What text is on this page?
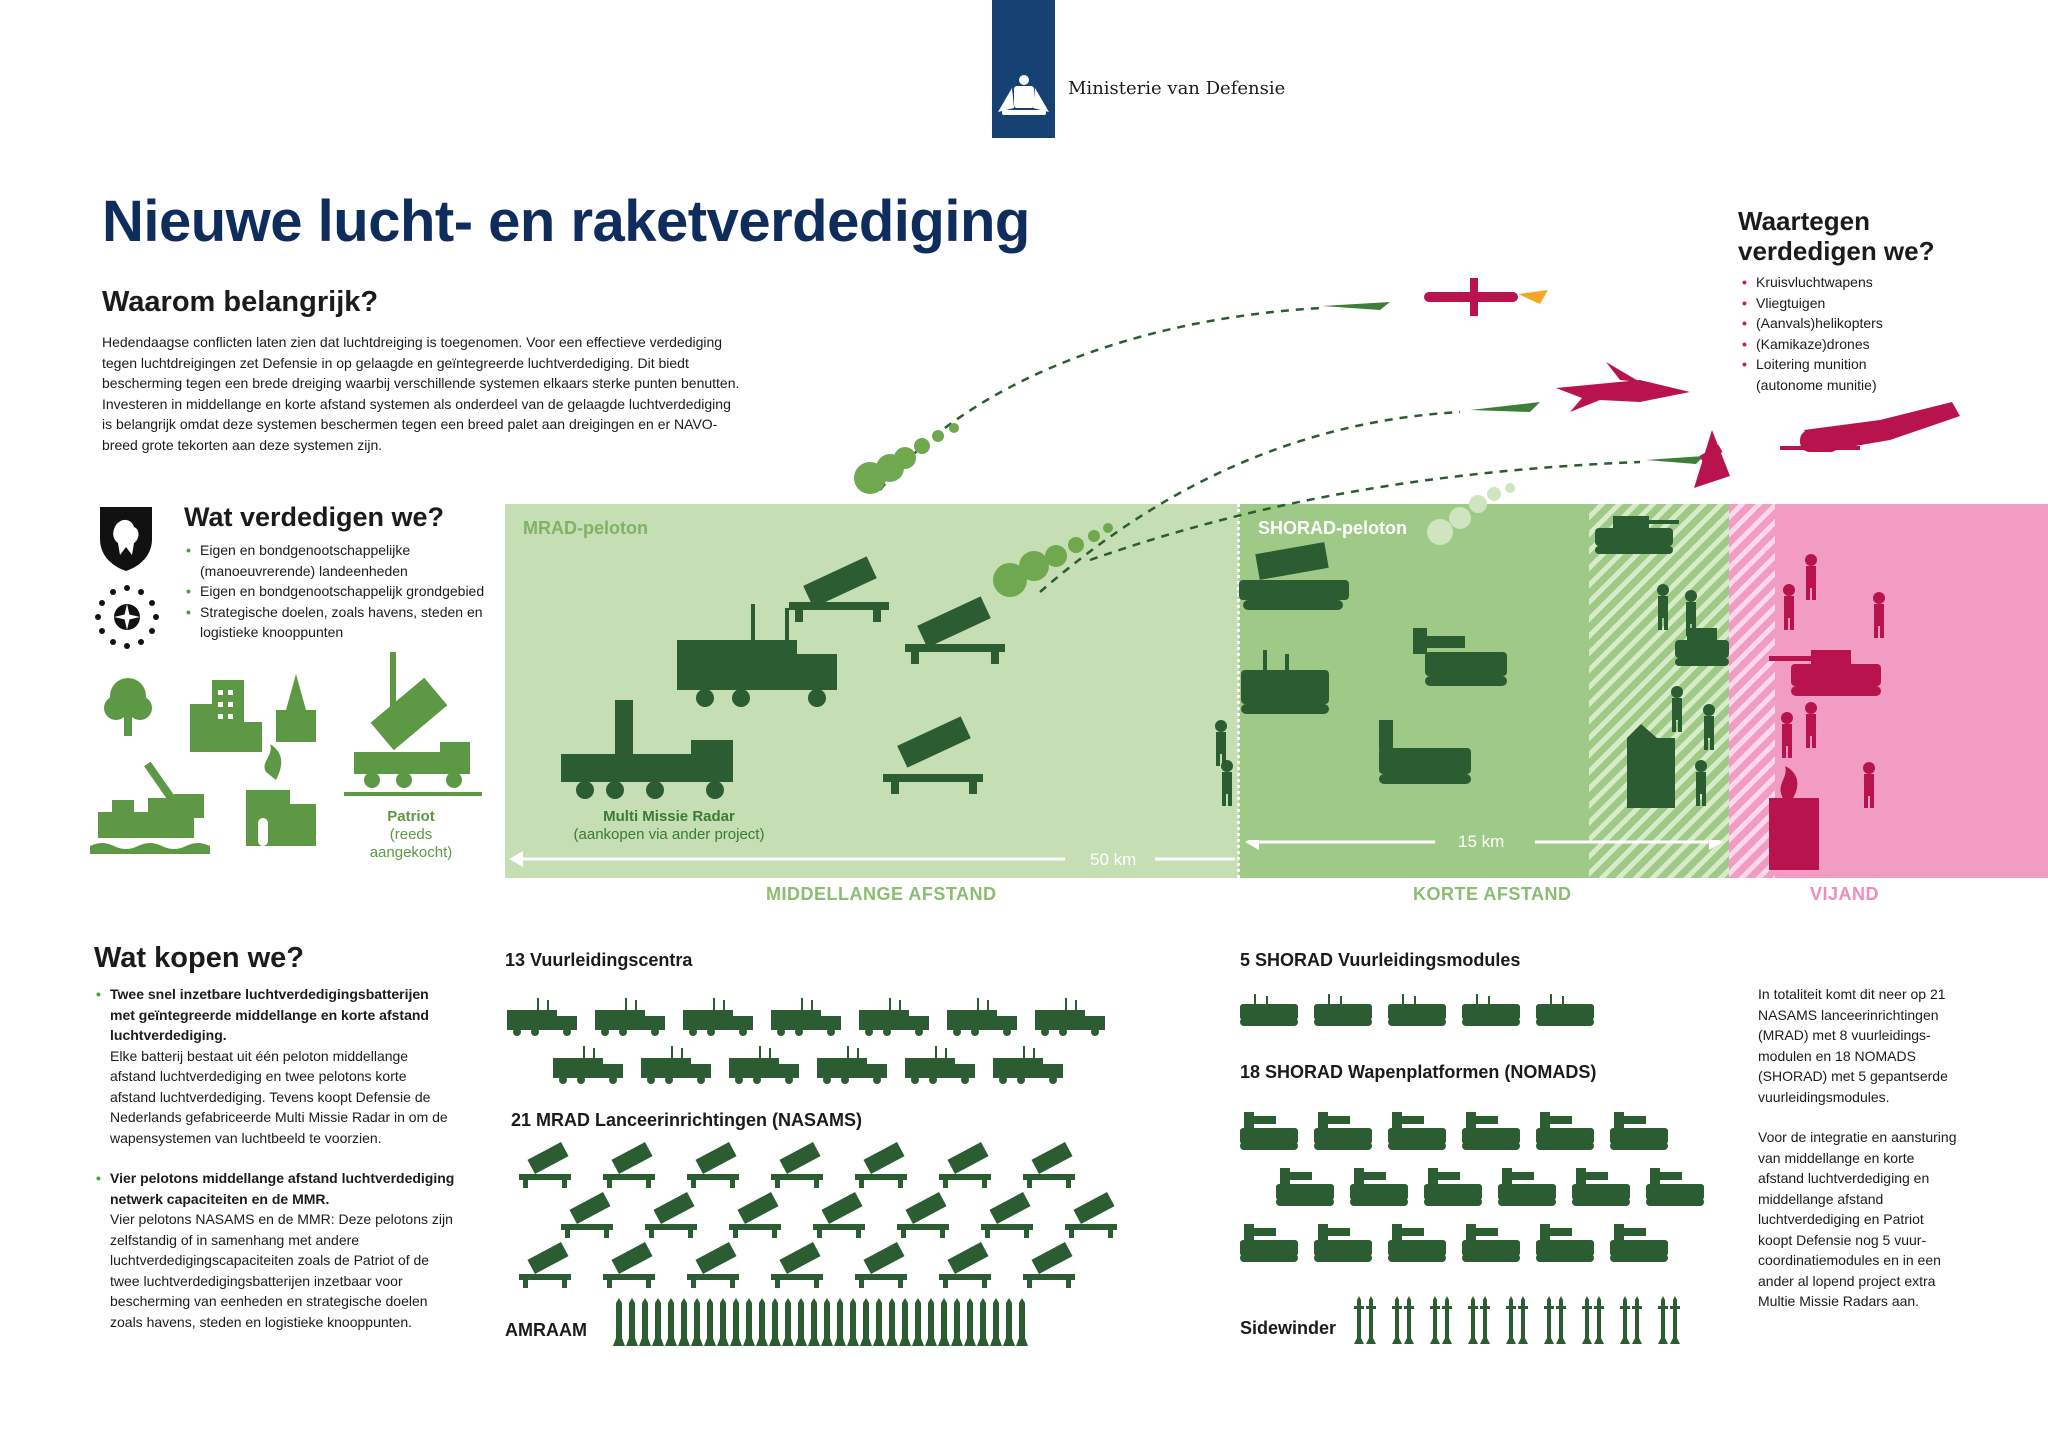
Ministerie van Defensie
Nieuwe lucht- en raketverdediging
Waarom belangrijk?
Hedendaagse conflicten laten zien dat luchtdreiging is toegenomen. Voor een effectieve verdediging tegen luchtdreigingen zet Defensie in op gelaagde en geïntegreerde luchtverdediging. Dit biedt bescherming tegen een brede dreiging waarbij verschillende systemen elkaars sterke punten benutten. Investeren in middellange en korte afstand systemen als onderdeel van de gelaagde luchtverdediging is belangrijk omdat deze systemen beschermen tegen een breed palet aan dreigingen en er NAVO-breed grote tekorten aan deze systemen zijn.
Waartegen
verdedigen we?
• Kruisvluchtwapens
• Vliegtuigen
• (Aanvals)helikopters
• (Kamikaze)drones
• Loitering munition
(autonome munitie)
Wat verdedigen we?
• Eigen en bondgenootschappelijke (manoeuvrerende) landeenheden
• Eigen en bondgenootschappelijk grondgebied
• Strategische doelen, zoals havens, steden en logistieke knooppunten
Patriot
(reeds
aangekocht)
MRAD-peloton	SHORAD-peloton
Multi Missie Radar
(aankopen via ander project)
50 km
15 km
MIDDELLANGE AFSTAND	KORTE AFSTAND	VIJAND
Wat kopen we?
• Twee snel inzetbare luchtverdedigingsbatterijen met geïntegreerde middellange en korte afstand luchtverdediging.
Elke batterij bestaat uit één peloton middellange afstand luchtverdediging en twee pelotons korte afstand luchtverdediging. Tevens koopt Defensie de Nederlands gefabriceerde Multi Missie Radar in om de wapensystemen van luchtbeeld te voorzien.
• Vier pelotons middellange afstand luchtverdediging netwerk capaciteiten en de MMR.
Vier pelotons NASAMS en de MMR: Deze pelotons zijn zelfstandig of in samenhang met andere luchtverdedigingscapaciteiten zoals de Patriot of de twee luchtverdedigingsbatterijen inzetbaar voor bescherming van eenheden en strategische doelen zoals havens, steden en logistieke knooppunten.
13 Vuurleidingscentra
21 MRAD Lanceerinrichtingen (NASAMS)
AMRAAM
5 SHORAD Vuurleidingsmodules
18 SHORAD Wapenplatformen (NOMADS)
Sidewinder
In totaliteit komt dit neer op 21 NASAMS lanceerinrichtingen (MRAD) met 8 vuurleidings-modulen en 18 NOMADS (SHORAD) met 5 gepantserde vuurleidingsmodules.
Voor de integratie en aansturing van middellange en korte afstand luchtverdediging en middellange afstand luchtverdediging en Patriot koopt Defensie nog 5 vuur-coordinatiemodules en in een ander al lopend project extra Multie Missie Radars aan.
